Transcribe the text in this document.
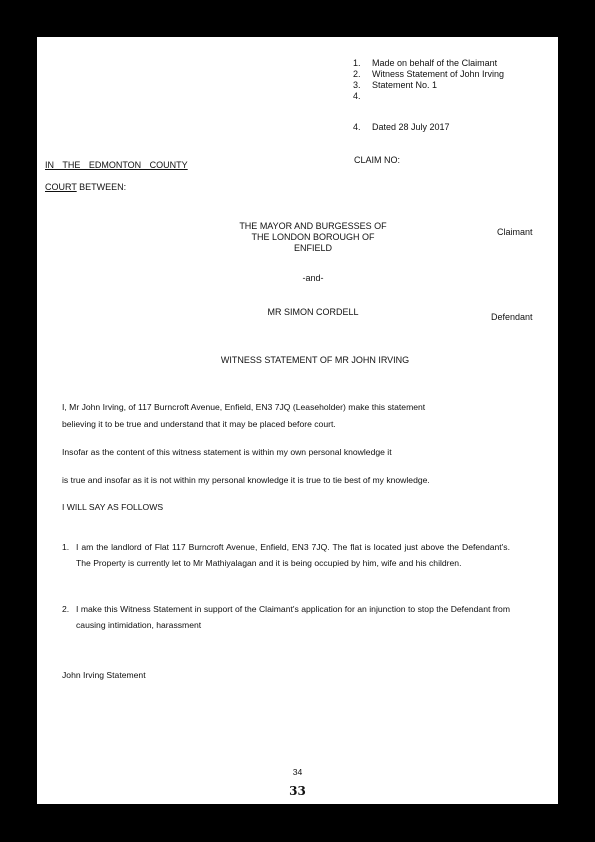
1. Made on behalf of the Claimant
2. Witness Statement of John Irving
3. Statement No. 1
4.
4. Dated 28 July 2017
IN THE EDMONTON COUNTY
COURT BETWEEN:
CLAIM NO:
THE MAYOR AND BURGESSES OF
THE LONDON BOROUGH OF
ENFIELD
Claimant
-and-
MR SIMON CORDELL	Defendant
WITNESS STATEMENT OF MR JOHN IRVING
I, Mr John Irving, of 117 Burncroft Avenue, Enfield, EN3 7JQ (Leaseholder) make this statement
believing it to be true and understand that it may be placed before court.
Insofar as the content of this witness statement is within my own personal knowledge it
is true and insofar as it is not within my personal knowledge it is true to tie best of my knowledge.
I WILL SAY AS FOLLOWS
1. I am the landlord of Flat 117 Burncroft Avenue, Enfield, EN3 7JQ. The flat is located just above the Defendant's. The Property is currently let to Mr Mathiyalagan and it is being occupied by him, wife and his children.
2. I make this Witness Statement in support of the Claimant's application for an injunction to stop the Defendant from causing intimidation, harassment
John Irving Statement
34
33
